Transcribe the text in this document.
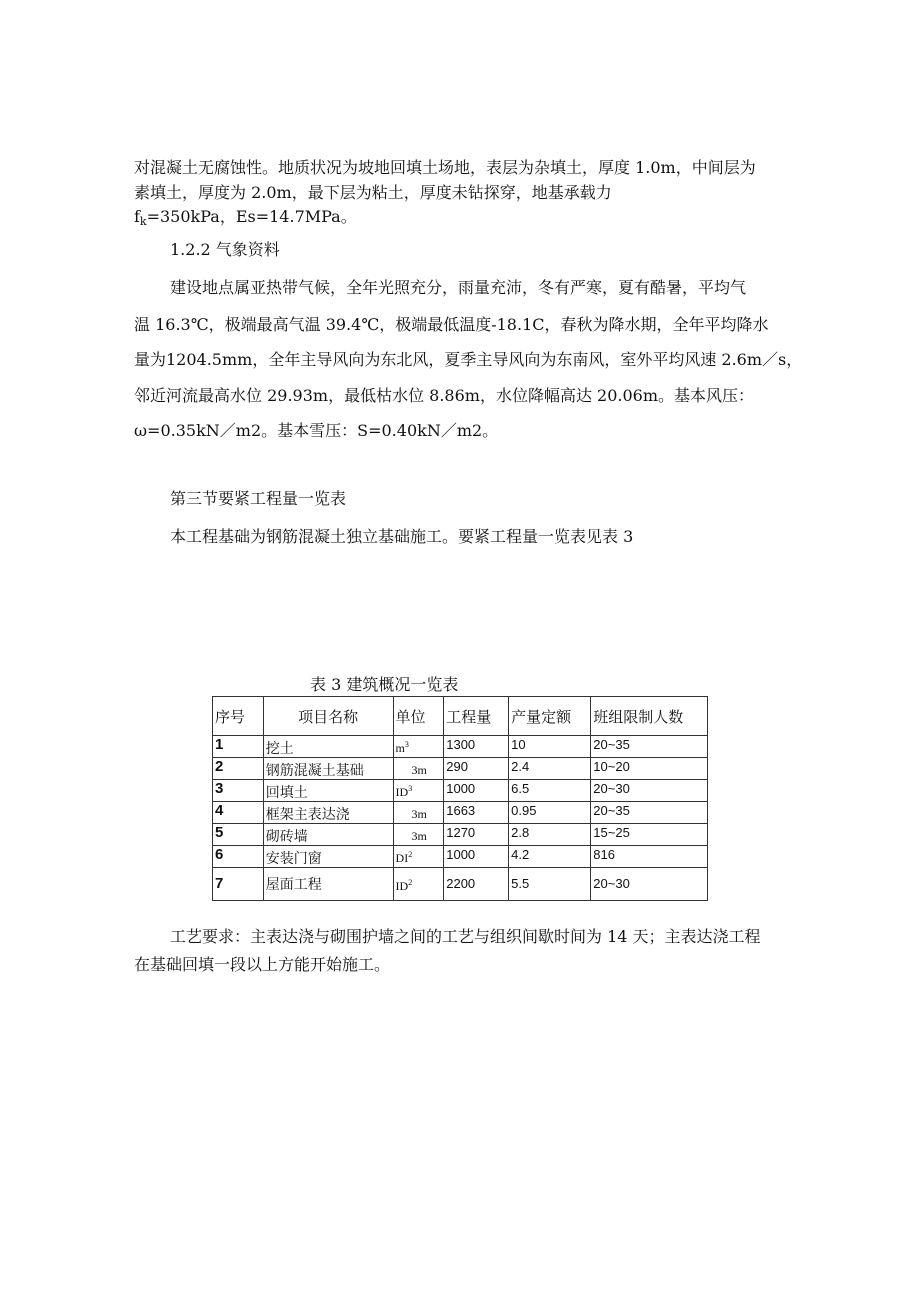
对混凝土无腐蚀性。地质状况为坡地回填土场地，表层为杂填土，厚度 1.0m，中间层为
素填土，厚度为 2.0m，最下层为粘土，厚度未钻探穿，地基承载力
$f_k=350kPa$，Es=14.7MPa。
1.2.2 气象资料
建设地点属亚热带气候，全年光照充分，雨量充沛，冬有严寒，夏有酷暑，平均气
温 16.3℃，极端最高气温 39.4℃，极端最低温度-18.1C，春秋为降水期，全年平均降水
量为1204.5mm，全年主导风向为东北风，夏季主导风向为东南风，室外平均风速 2.6m／s，
邻近河流最高水位 29.93m，最低枯水位 8.86m，水位降幅高达 20.06m。基本风压：
ω=0.35kN／m2。基本雪压：S=0.40kN／m2。
第三节要紧工程量一览表
本工程基础为钢筋混凝土独立基础施工。要紧工程量一览表见表 3
表 3 建筑概况一览表
序号	项目名称	单位	工程量	产量定额	班组限制人数
1	挖土	$m^3$	1300	10	20~35
2	钢筋混凝土基础	3m	290	2.4	10~20
3	回填土	$ID^3$	1000	6.5	20~30
4	框架主表达浇	3m	1663	0.95	20~35
5	砌砖墙	3m	1270	2.8	15~25
6	安装门窗	$DI^2$	1000	4.2	816
7	屋面工程	$ID^2$	2200	5.5	20~30
工艺要求：主表达浇与砌围护墙之间的工艺与组织间歇时间为 14 天；主表达浇工程
在基础回填一段以上方能开始施工。
